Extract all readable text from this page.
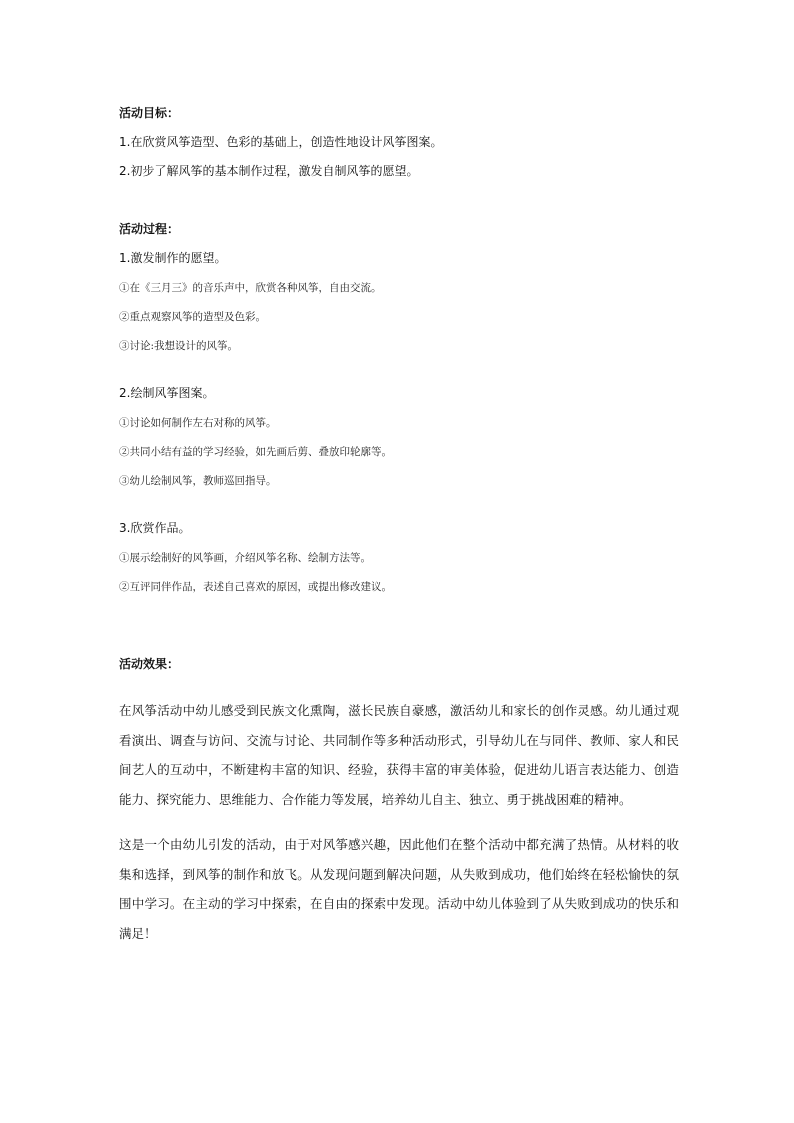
活动目标：
1.在欣赏风筝造型、色彩的基础上，创造性地设计风筝图案。
2.初步了解风筝的基本制作过程，激发自制风筝的愿望。
活动过程：
1.激发制作的愿望。
①在《三月三》的音乐声中，欣赏各种风筝，自由交流。
②重点观察风筝的造型及色彩。
③讨论:我想设计的风筝。
2.绘制风筝图案。
①讨论如何制作左右对称的风筝。
②共同小结有益的学习经验，如先画后剪、叠放印轮廓等。
③幼儿绘制风筝，教师巡回指导。
3.欣赏作品。
①展示绘制好的风筝画，介绍风筝名称、绘制方法等。
②互评同伴作品，表述自己喜欢的原因，或提出修改建议。
活动效果：
在风筝活动中幼儿感受到民族文化熏陶，滋长民族自豪感，激活幼儿和家长的创作灵感。幼儿通过观看演出、调查与访问、交流与讨论、共同制作等多种活动形式，引导幼儿在与同伴、教师、家人和民间艺人的互动中，不断建构丰富的知识、经验，获得丰富的审美体验，促进幼儿语言表达能力、创造能力、探究能力、思维能力、合作能力等发展，培养幼儿自主、独立、勇于挑战困难的精神。
这是一个由幼儿引发的活动，由于对风筝感兴趣，因此他们在整个活动中都充满了热情。从材料的收集和选择，到风筝的制作和放飞。从发现问题到解决问题，从失败到成功，他们始终在轻松愉快的氛围中学习。在主动的学习中探索，在自由的探索中发现。活动中幼儿体验到了从失败到成功的快乐和满足！
